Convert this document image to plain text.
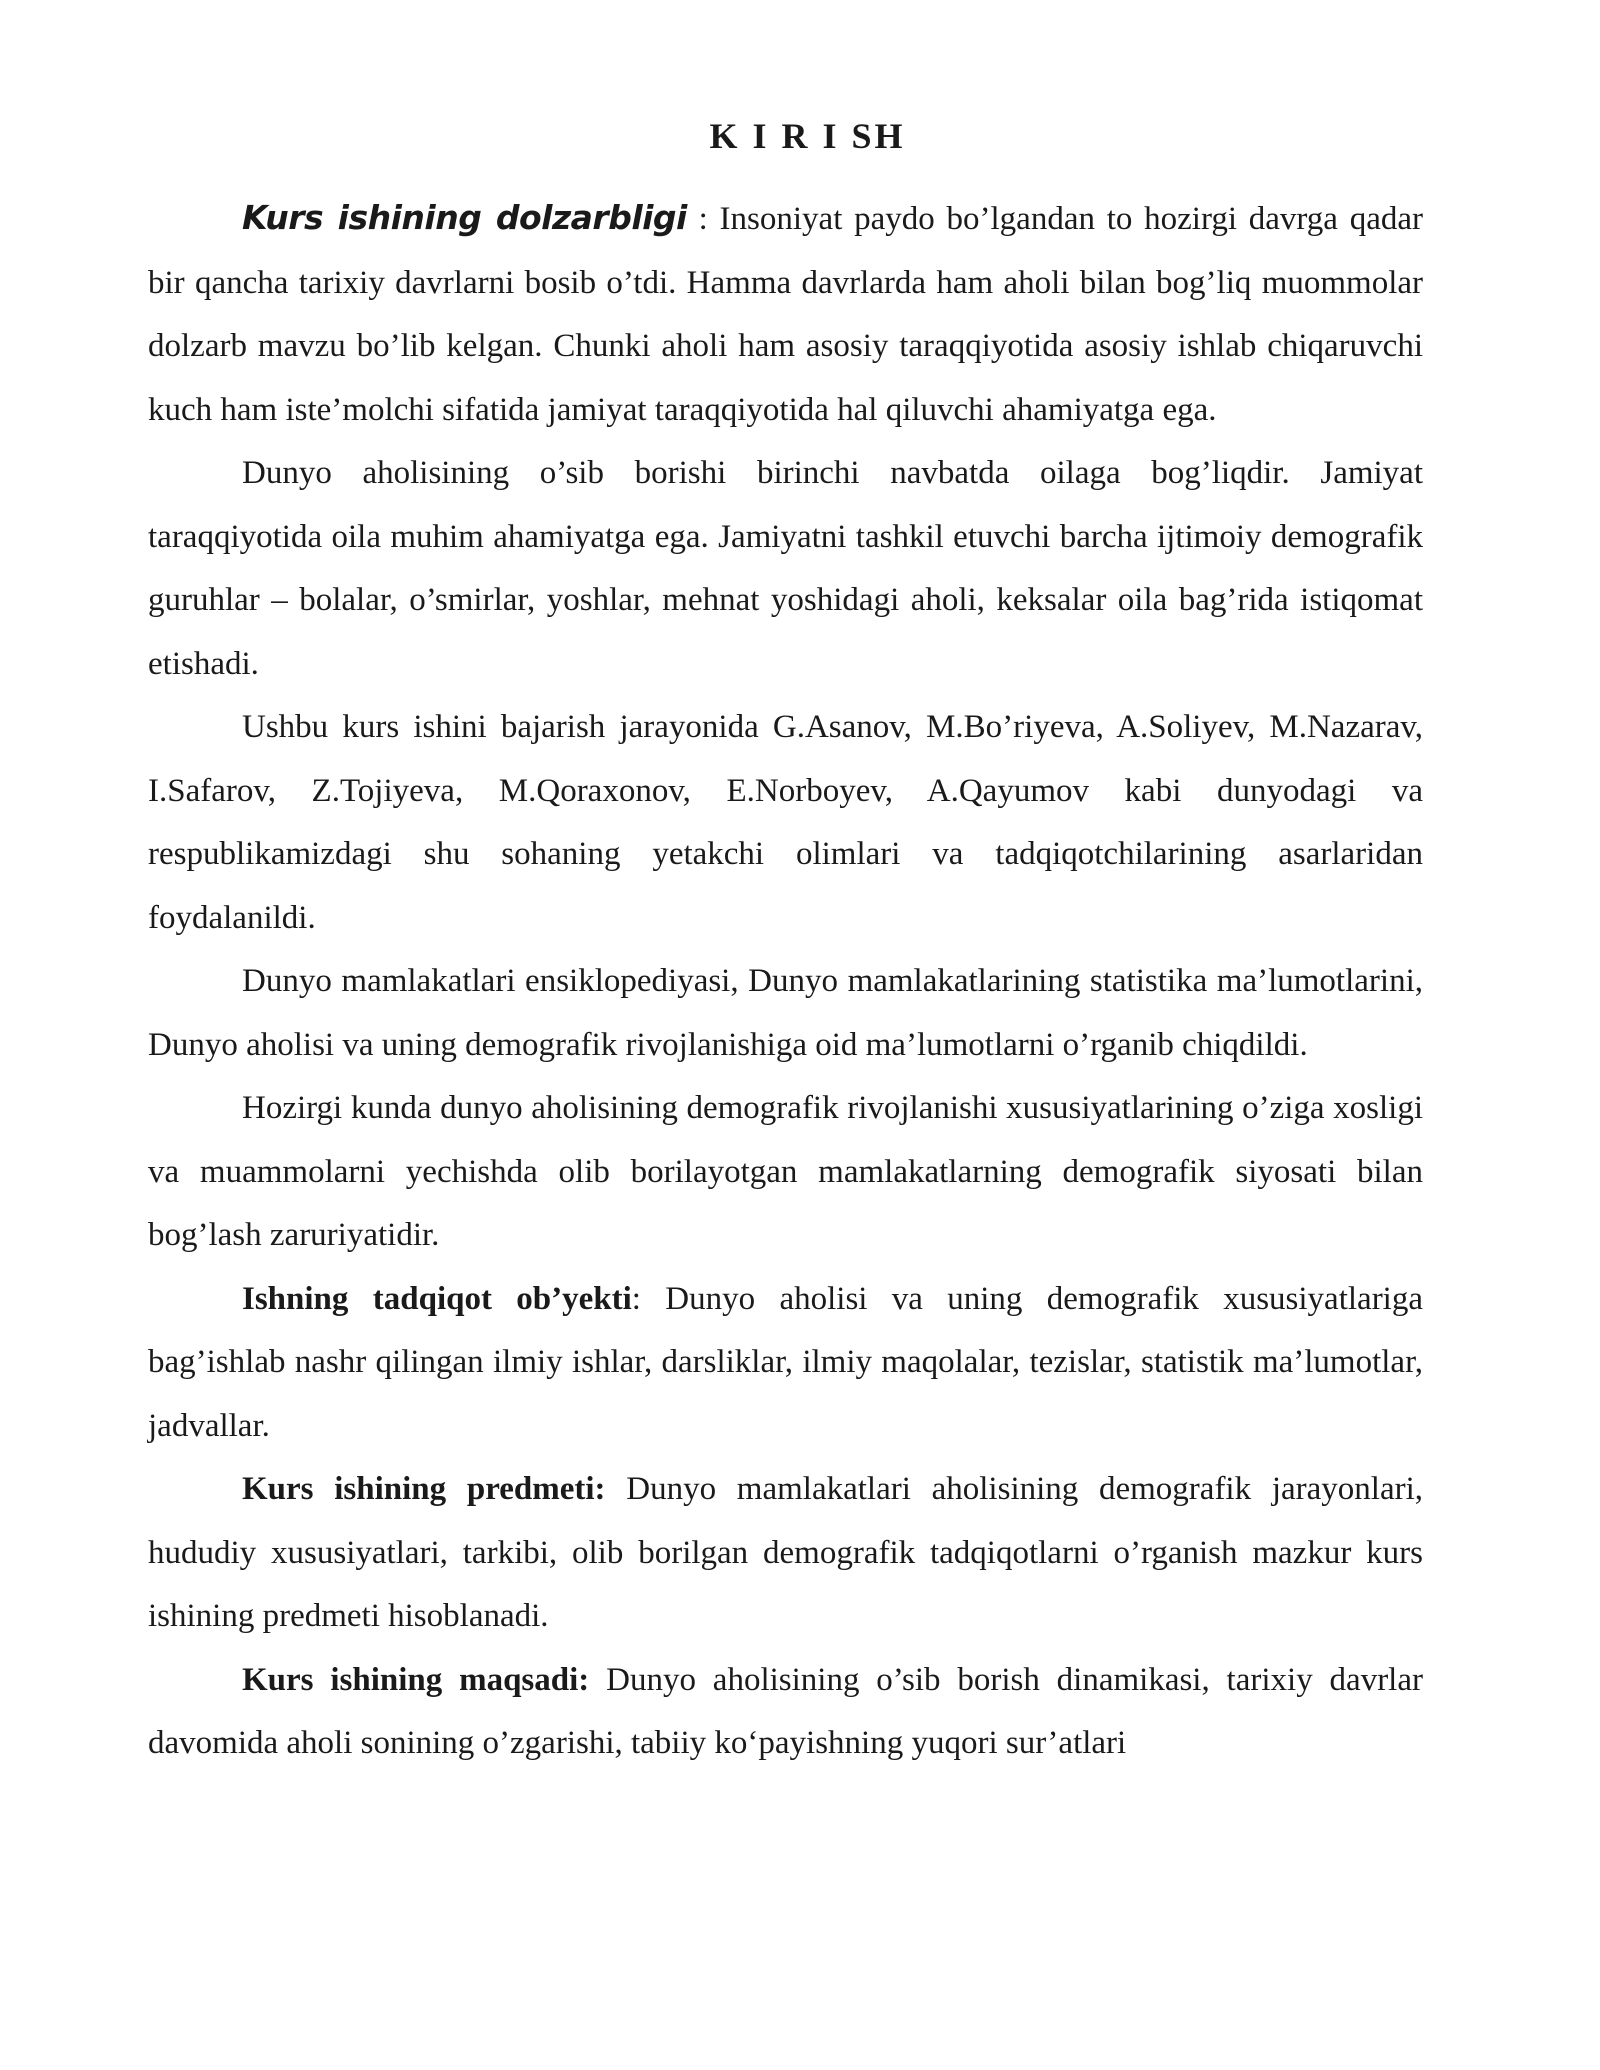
K I R I SH

Kurs ishining dolzarbligi : Insoniyat paydo bo’lgandan to hozirgi davrga qadar bir qancha tarixiy davrlarni bosib o’tdi. Hamma davrlarda ham aholi bilan bog’liq muommolar dolzarb mavzu bo’lib kelgan. Chunki aholi ham asosiy taraqqiyotida asosiy ishlab chiqaruvchi kuch ham iste’molchi sifatida jamiyat taraqqiyotida hal qiluvchi ahamiyatga ega.

Dunyo aholisining o’sib borishi birinchi navbatda oilaga bog’liqdir. Jamiyat taraqqiyotida oila muhim ahamiyatga ega. Jamiyatni tashkil etuvchi barcha ijtimoiy demografik guruhlar – bolalar, o’smirlar, yoshlar, mehnat yoshidagi aholi, keksalar oila bag’rida istiqomat etishadi.

Ushbu kurs ishini bajarish jarayonida G.Asanov, M.Bo’riyeva, A.Soliyev, M.Nazarav, I.Safarov, Z.Tojiyeva, M.Qoraxonov, E.Norboyev, A.Qayumov kabi dunyodagi va respublikamizdagi shu sohaning yetakchi olimlari va tadqiqotchilarining asarlaridan foydalanildi.

Dunyo mamlakatlari ensiklopediyasi, Dunyo mamlakatlarining statistika ma’lumotlarini, Dunyo aholisi va uning demografik rivojlanishiga oid ma’lumotlarni o’rganib chiqdildi.

Hozirgi kunda dunyo aholisining demografik rivojlanishi xususiyatlarining o’ziga xosligi va muammolarni yechishda olib borilayotgan mamlakatlarning demografik siyosati bilan bog’lash zaruriyatidir.

Ishning tadqiqot ob’yekti: Dunyo aholisi va uning demografik xususiyatlariga bag’ishlab nashr qilingan ilmiy ishlar, darsliklar, ilmiy maqolalar, tezislar, statistik ma’lumotlar, jadvallar.

Kurs ishining predmeti: Dunyo mamlakatlari aholisining demografik jarayonlari, hududiy xususiyatlari, tarkibi, olib borilgan demografik tadqiqotlarni o’rganish mazkur kurs ishining predmeti hisoblanadi.

Kurs ishining maqsadi: Dunyo aholisining o’sib borish dinamikasi, tarixiy davrlar davomida aholi sonining o’zgarishi, tabiiy ko‘payishning yuqori sur’atlari
